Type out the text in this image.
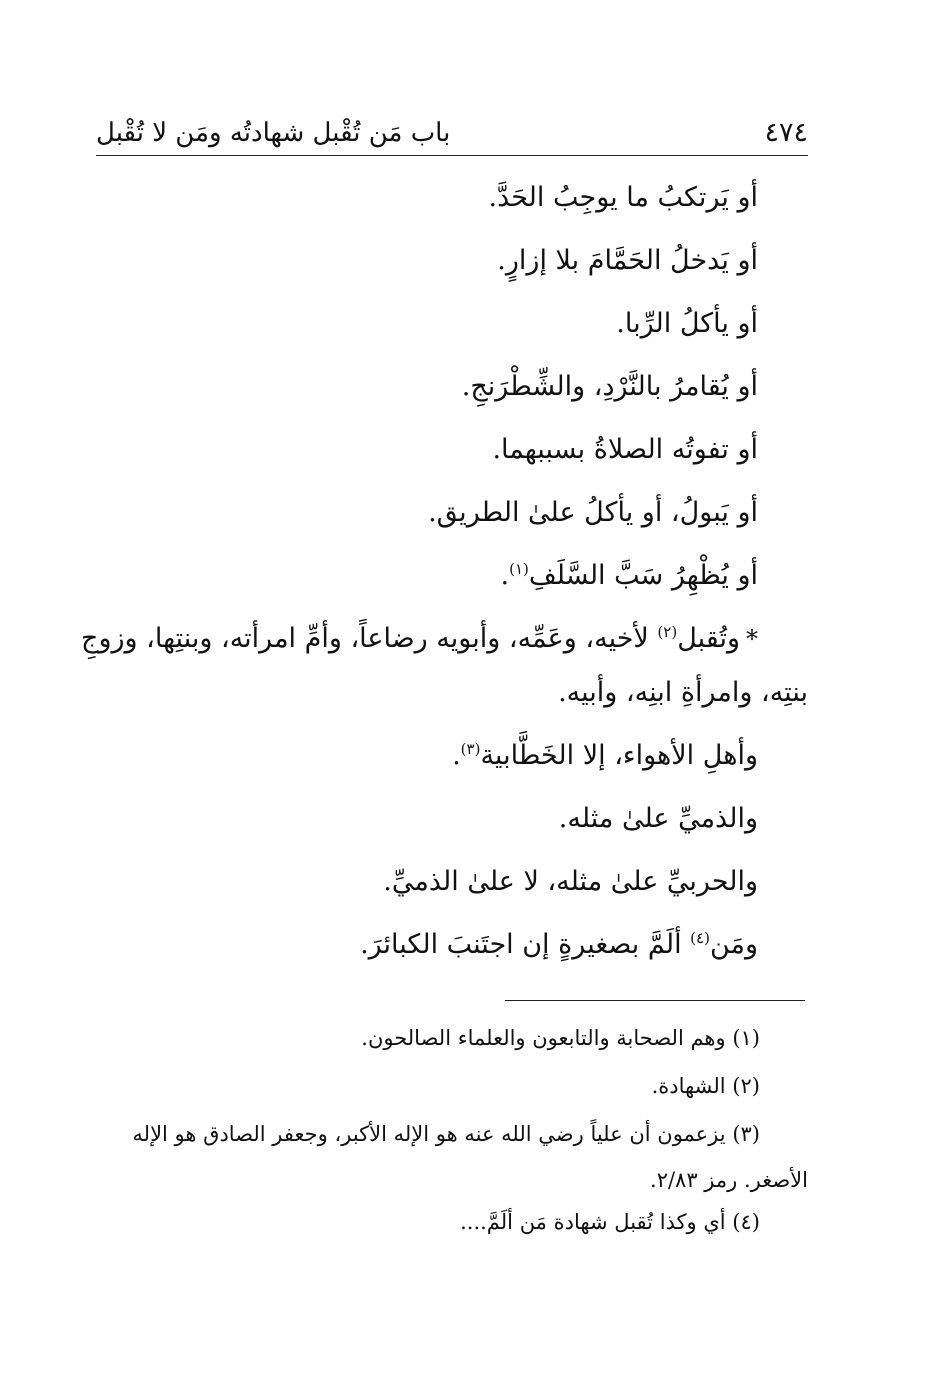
٤٧٤
باب مَن تُقْبل شهادتُه ومَن لا تُقْبل
أو يَرتكبُ ما يوجِبُ الحَدَّ.
أو يَدخلُ الحَمَّامَ بلا إزارٍ.
أو يأكلُ الرِّبا.
أو يُقامرُ بالنَّرْدِ، والشِّطْرَنجِ.
أو تفوتُه الصلاةُ بسببهما.
أو يَبولُ، أو يأكلُ علىٰ الطريق.
أو يُظْهِرُ سَبَّ السَّلَفِ$^{(١)}$.
*وتُقبل$^{(٢)}$ لأخيه، وعَمِّه، وأبويه رضاعاً، وأمِّ امرأته، وبنتِها، وزوجِ
بنتِه، وامرأةِ ابنِه، وأبيه.
وأهلِ الأهواء، إلا الخَطَّابية$^{(٣)}$.
والذميِّ علىٰ مثله.
والحربيِّ علىٰ مثله، لا علىٰ الذميِّ.
ومَن$^{(٤)}$ ألَمَّ بصغيرةٍ إن اجتَنبَ الكبائرَ.
(١) وهم الصحابة والتابعون والعلماء الصالحون.
(٢) الشهادة.
(٣) يزعمون أن علياً رضي الله عنه هو الإله الأكبر، وجعفر الصادق هو الإله
الأصغر. رمز ٢/٨٣.
(٤) أي وكذا تُقبل شهادة مَن ألَمَّ....
